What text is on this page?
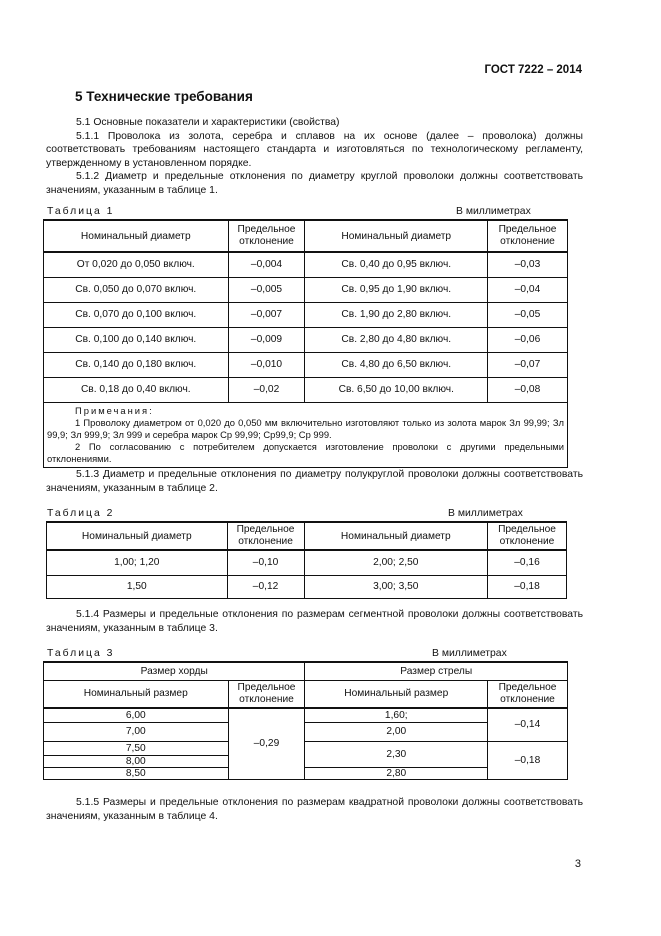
ГОСТ 7222 – 2014
5 Технические требования

5.1 Основные показатели и характеристики (свойства)

5.1.1 Проволока из золота, серебра и сплавов на их основе (далее – проволока) должны соответствовать требованиям настоящего стандарта и изготовляться по технологическому регламенту, утвержденному в установленном порядке.

5.1.2 Диаметр и предельные отклонения по диаметру круглой проволоки должны соответствовать значениям, указанным в таблице 1.

Таблица 1	В миллиметрах
Номинальный диаметр	Предельное отклонение	Номинальный диаметр	Предельное отклонение
От 0,020 до 0,050 включ.	–0,004	Св. 0,40 до 0,95 включ.	–0,03
Св. 0,050 до 0,070 включ.	–0,005	Св. 0,95 до 1,90 включ.	–0,04
Св. 0,070 до 0,100 включ.	–0,007	Св. 1,90 до 2,80 включ.	–0,05
Св. 0,100 до 0,140 включ.	–0,009	Св. 2,80 до 4,80 включ.	–0,06
Св. 0,140 до 0,180 включ.	–0,010	Св. 4,80 до 6,50 включ.	–0,07
Св. 0,18 до 0,40 включ.	–0,02	Св. 6,50 до 10,00 включ.	–0,08

Примечания:
1 Проволоку диаметром от 0,020 до 0,050 мм включительно изготовляют только из золота марок Зл 99,99; Зл 99,9; Зл 999,9; Зл 999 и серебра марок Ср 99,99; Ср99,9; Ср 999.
2 По согласованию с потребителем допускается изготовление проволоки с другими предельными отклонениями.			

5.1.3 Диаметр и предельные отклонения по диаметру полукруглой проволоки должны соответствовать значениям, указанным в таблице 2.

Таблица 2	В миллиметрах
Номинальный диаметр	Предельное отклонение	Номинальный диаметр	Предельное отклонение
1,00; 1,20	–0,10	2,00; 2,50	–0,16
1,50	–0,12	3,00; 3,50	–0,18

5.1.4 Размеры и предельные отклонения по размерам сегментной проволоки должны соответствовать значениям, указанным в таблице 3.

Таблица 3	В миллиметрах
Размер хорды		Размер стрелы	
Номинальный размер	Предельное отклонение	Номинальный размер	Предельное отклонение
6,00	–0,29	1,60;	–0,14
7,00		2,00	
7,50		2,30	–0,18
8,00			
8,50		2,80	

5.1.5 Размеры и предельные отклонения по размерам квадратной проволоки должны соответствовать значениям, указанным в таблице 4.

3
